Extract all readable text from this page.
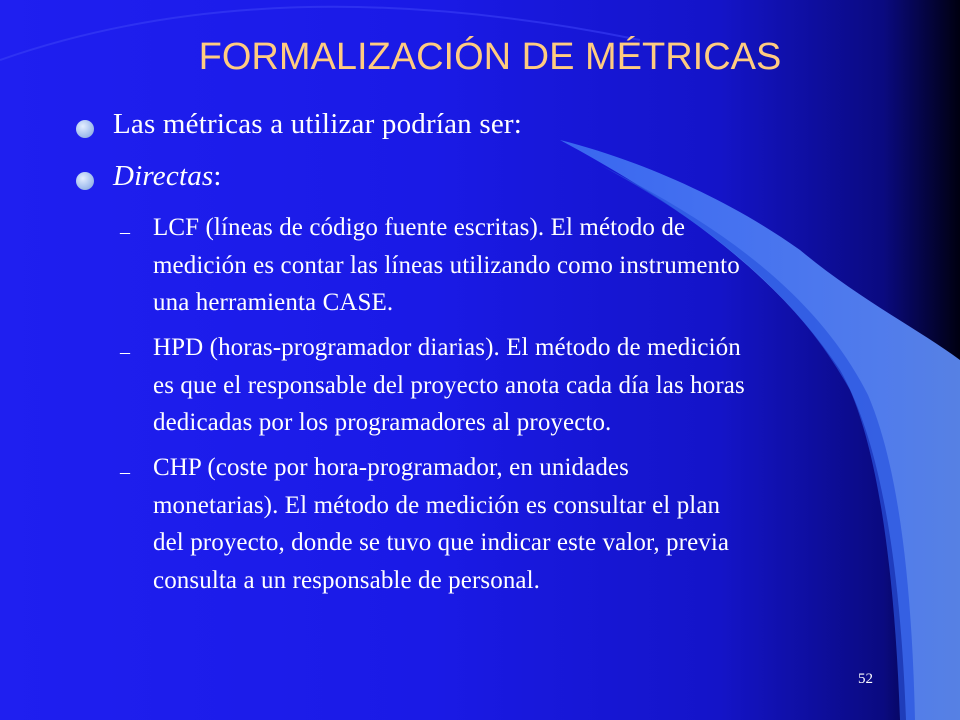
FORMALIZACIÓN DE MÉTRICAS
Las métricas a utilizar podrían ser:
Directas:
– LCF (líneas de código fuente escritas). El método de
medición es contar las líneas utilizando como instrumento
una herramienta CASE.
– HPD (horas-programador diarias). El método de medición
es que el responsable del proyecto anota cada día las horas
dedicadas por los programadores al proyecto.
– CHP (coste por hora-programador, en unidades
monetarias). El método de medición es consultar el plan
del proyecto, donde se tuvo que indicar este valor, previa
consulta a un responsable de personal.
52
